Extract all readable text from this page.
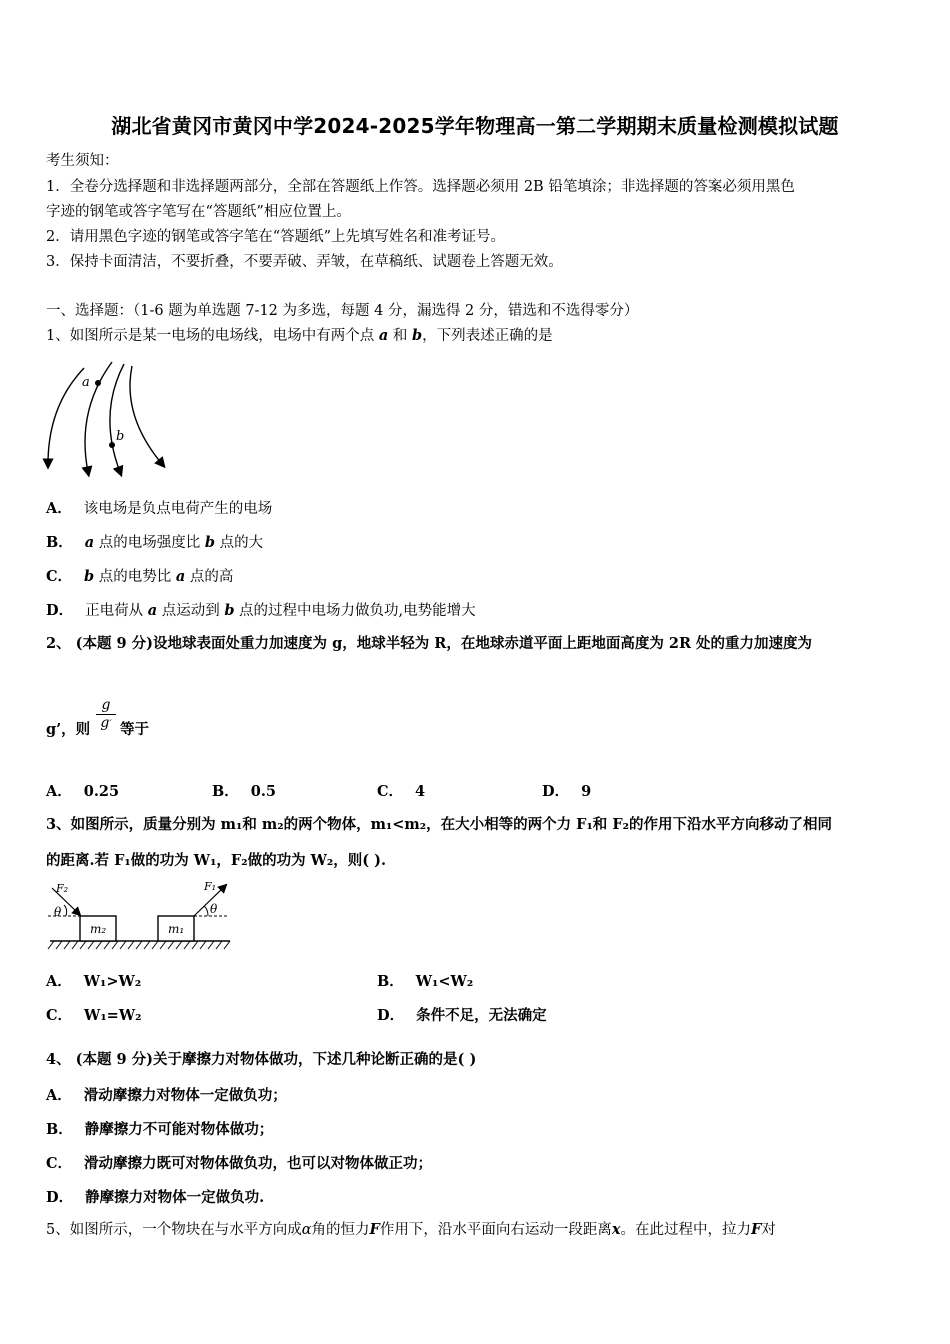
湖北省黄冈市黄冈中学2024-2025学年物理高一第二学期期末质量检测模拟试题
考生须知：
1．全卷分选择题和非选择题两部分，全部在答题纸上作答。选择题必须用 2B 铅笔填涂；非选择题的答案必须用黑色
字迹的钢笔或答字笔写在“答题纸”相应位置上。
2．请用黑色字迹的钢笔或答字笔在“答题纸”上先填写姓名和准考证号。
3．保持卡面清洁，不要折叠，不要弄破、弄皱，在草稿纸、试题卷上答题无效。
一、选择题：（1-6 题为单选题 7-12 为多选，每题 4 分，漏选得 2 分，错选和不选得零分）
1、如图所示是某一电场的电场线，电场中有两个点 a 和 b，下列表述正确的是
a
b
A． 该电场是负点电荷产生的电场
B． a 点的电场强度比 b 点的大
C． b 点的电势比 a 点的高
D． 正电荷从 a 点运动到 b 点的过程中电场力做负功,电势能增大
2、 (本题 9 分)设地球表面处重力加速度为 g，地球半轻为 R，在地球赤道平面上距地面高度为 2R 处的重力加速度为
g’，则
g
g′ 等于
A． 0.25	B． 0.5	C． 4	D． 9
3、如图所示，质量分别为 m₁和 m₂的两个物体，m₁<m₂，在大小相等的两个力 F₁和 F₂的作用下沿水平方向移动了相同
的距离.若 F₁做的功为 W₁，F₂做的功为 W₂，则( ).
m₂	m₁
F₂
θ
F₁
θ
A． W₁>W₂	B． W₁<W₂
C． W₁=W₂	D． 条件不足，无法确定
4、 (本题 9 分)关于摩擦力对物体做功，下述几种论断正确的是( )
A． 滑动摩擦力对物体一定做负功；
B． 静摩擦力不可能对物体做功；
C． 滑动摩擦力既可对物体做负功，也可以对物体做正功；
D． 静摩擦力对物体一定做负功.
5、如图所示，一个物块在与水平方向成α角的恒力F作用下，沿水平面向右运动一段距离x。在此过程中，拉力F对
